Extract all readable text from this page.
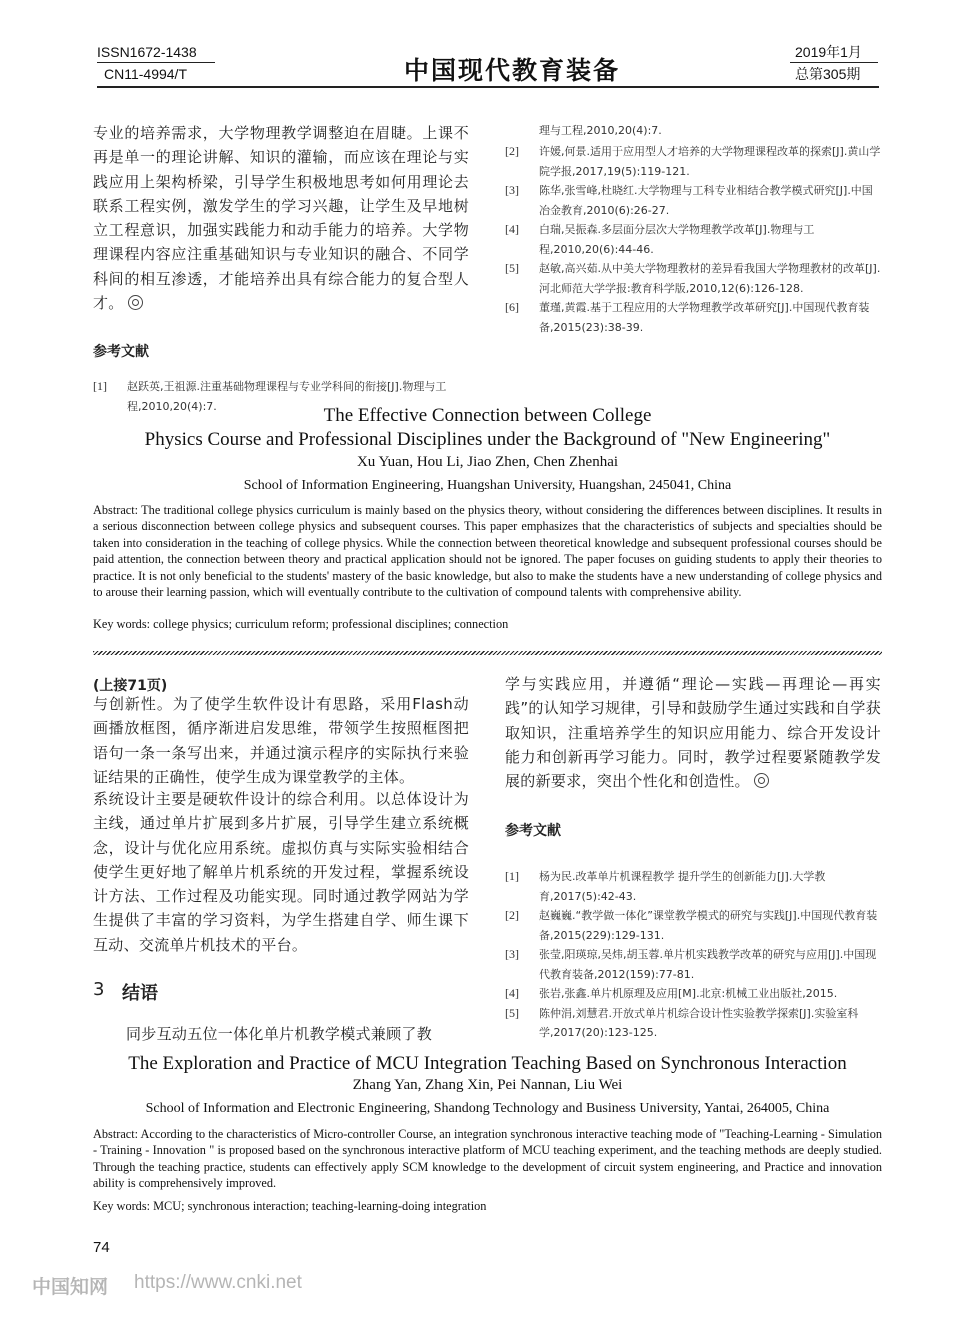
ISSN1672-1438
CN11-4994/T	中国现代教育装备
2019年1月
总第305期
专业的培养需求，大学物理教学调整迫在眉睫。上课不再是单一的理论讲解、知识的灌输，而应该在理论与实践应用上架构桥梁，引导学生积极地思考如何用理论去联系工程实例，激发学生的学习兴趣，让学生及早地树立工程意识，加强实践能力和动手能力的培养。大学物理课程内容应注重基础知识与专业知识的融合、不同学科间的相互渗透，才能培养出具有综合能力的复合型人才。
参考文献
[1] 赵跃英,王祖源.注重基础物理课程与专业学科间的衔接[J].物理与工程,2010,20(4):7.
理与工程,2010,20(4):7.
[2] 许媛,何景.适用于应用型人才培养的大学物理课程改革的探索[J].黄山学院学报,2017,19(5):119-121.
[3] 陈华,张雪峰,杜晓红.大学物理与工科专业相结合教学模式研究[J].中国冶金教育,2010(6):26-27.
[4] 白瑞,吴振森.多层面分层次大学物理教学改革[J].物理与工程,2010,20(6):44-46.
[5] 赵敏,高兴茹.从中美大学物理教材的差异看我国大学物理教材的改革[J].河北师范大学学报:教育科学版,2010,12(6):126-128.
[6] 董瑾,黄霞.基于工程应用的大学物理教学改革研究[J].中国现代教育装备,2015(23):38-39.
The Effective Connection between College
Physics Course and Professional Disciplines under the Background of "New Engineering"
Xu Yuan, Hou Li, Jiao Zhen, Chen Zhenhai
School of Information Engineering, Huangshan University, Huangshan, 245041, China
Abstract: The traditional college physics curriculum is mainly based on the physics theory, without considering the differences between disciplines. It results in a serious disconnection between college physics and subsequent courses. This paper emphasizes that the characteristics of subjects and specialties should be taken into consideration in the teaching of college physics. While the connection between theoretical knowledge and subsequent professional courses should be paid attention, the connection between theory and practical application should not be ignored. The paper focuses on guiding students to apply their theories to practice. It is not only beneficial to the students' mastery of the basic knowledge, but also to make the students have a new understanding of college physics and to arouse their learning passion, which will eventually contribute to the cultivation of compound talents with comprehensive ability.
Key words: college physics; curriculum reform; professional disciplines; connection
(上接71页)
与创新性。为了使学生软件设计有思路，采用Flash动画播放框图，循序渐进启发思维，带领学生按照框图把语句一条一条写出来，并通过演示程序的实际执行来验证结果的正确性，使学生成为课堂教学的主体。
系统设计主要是硬软件设计的综合利用。以总体设计为主线，通过单片扩展到多片扩展，引导学生建立系统概念，设计与优化应用系统。虚拟仿真与实际实验相结合使学生更好地了解单片机系统的开发过程，掌握系统设计方法、工作过程及功能实现。同时通过教学网站为学生提供了丰富的学习资料，为学生搭建自学、师生课下互动、交流单片机技术的平台。
3 结语
同步互动五位一体化单片机教学模式兼顾了教
学与实践应用，并遵循“理论—实践—再理论—再实践”的认知学习规律，引导和鼓励学生通过实践和自学获取知识，注重培养学生的知识应用能力、综合开发设计能力和创新再学习能力。同时，教学过程要紧随教学发展的新要求，突出个性化和创造性。
参考文献
[1] 杨为民.改革单片机课程教学 提升学生的创新能力[J].大学教育,2017(5):42-43.
[2] 赵巍巍.“教学做一体化”课堂教学模式的研究与实践[J].中国现代教育装备,2015(229):129-131.
[3] 张莹,阳瑛琼,吴炜,胡玉蓉.单片机实践教学改革的研究与应用[J].中国现代教育装备,2012(159):77-81.
[4] 张岩,张鑫.单片机原理及应用[M].北京:机械工业出版社,2015.
[5] 陈仲涓,刘慧君.开放式单片机综合设计性实验教学探索[J].实验室科学,2017(20):123-125.
The Exploration and Practice of MCU Integration Teaching Based on Synchronous Interaction
Zhang Yan, Zhang Xin, Pei Nannan, Liu Wei
School of Information and Electronic Engineering, Shandong Technology and Business University, Yantai, 264005, China
Abstract: According to the characteristics of Micro-controller Course, an integration synchronous interactive teaching mode of "Teaching-Learning - Simulation - Training - Innovation " is proposed based on the synchronous interactive platform of MCU teaching experiment, and the teaching methods are deeply studied. Through the teaching practice, students can effectively apply SCM knowledge to the development of circuit system engineering, and Practice and innovation ability is comprehensively improved.
Key words: MCU; synchronous interaction; teaching-learning-doing integration
74
中国知网 https://www.cnki.net
